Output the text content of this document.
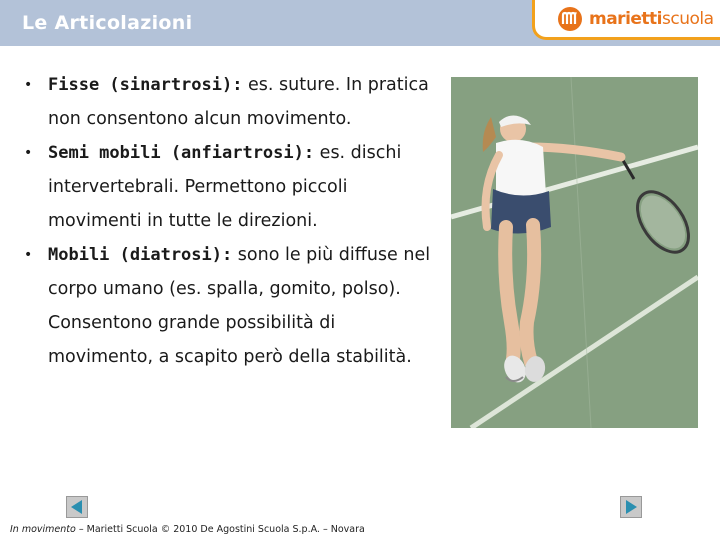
Le Articolazioni	mariettiscuola
• Fisse (sinartrosi): es. suture. In pratica non consentono alcun movimento.
• Semi mobili (anfiartrosi): es. dischi intervertebrali. Permettono piccoli movimenti in tutte le direzioni.
• Mobili (diatrosi): sono le più diffuse nel corpo umano (es. spalla, gomito, polso). Consentono grande possibilità di movimento, a scapito però della stabilità.
In movimento – Marietti Scuola © 2010 De Agostini Scuola S.p.A. – Novara
